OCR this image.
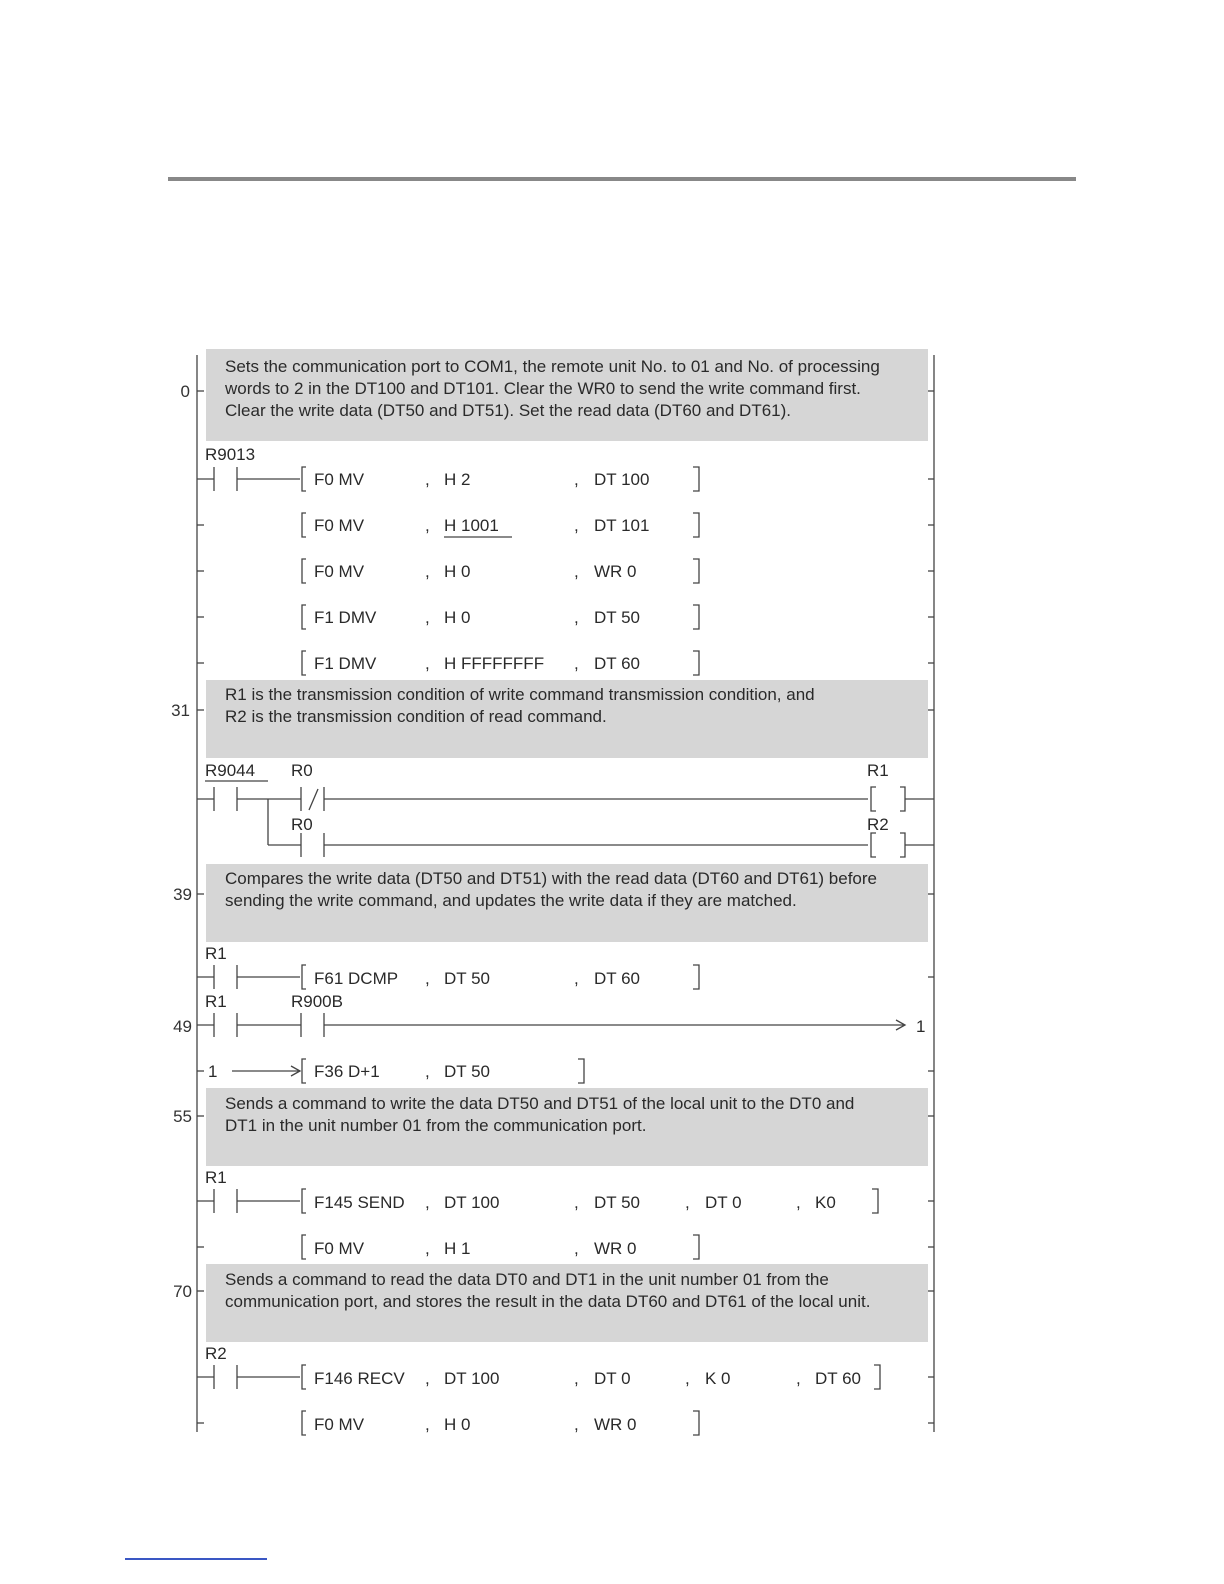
Sets the communication port to COM1, the remote unit No. to 01 and No. of processing
words to 2 in the DT100 and DT101. Clear the WR0 to send the write command first.
Clear the write data (DT50 and DT51). Set the read data (DT60 and DT61).
0
R9013
F0 MV	, H 2	, DT 100
F0 MV	, H 1001	, DT 101
F0 MV	, H 0	, WR 0
F1 DMV	, H 0	, DT 50
F1 DMV	, H FFFFFFFF , DT 60
R1 is the transmission condition of write command transmission condition, and
R2 is the transmission condition of read command.
31
R9044 R0	R1
R0	R2
Compares the write data (DT50 and DT51) with the read data (DT60 and DT61) before
sending the write command, and updates the write data if they are matched.
39
R1
F61 DCMP , DT 50	, DT 60
R1	R900B
49	1
1	F36 D+1	, DT 50
Sends a command to write the data DT50 and DT51 of the local unit to the DT0 and
DT1 in the unit number 01 from the communication port.
55
R1
F145 SEND , DT 100	, DT 50	, DT 0	, K0
F0 MV	, H 1	, WR 0
Sends a command to read the data DT0 and DT1 in the unit number 01 from the
communication port, and stores the result in the data DT60 and DT61 of the local unit.
70
R2
F146 RECV , DT 100	, DT 0	, K 0	, DT 60
F0 MV	, H 0	, WR 0
